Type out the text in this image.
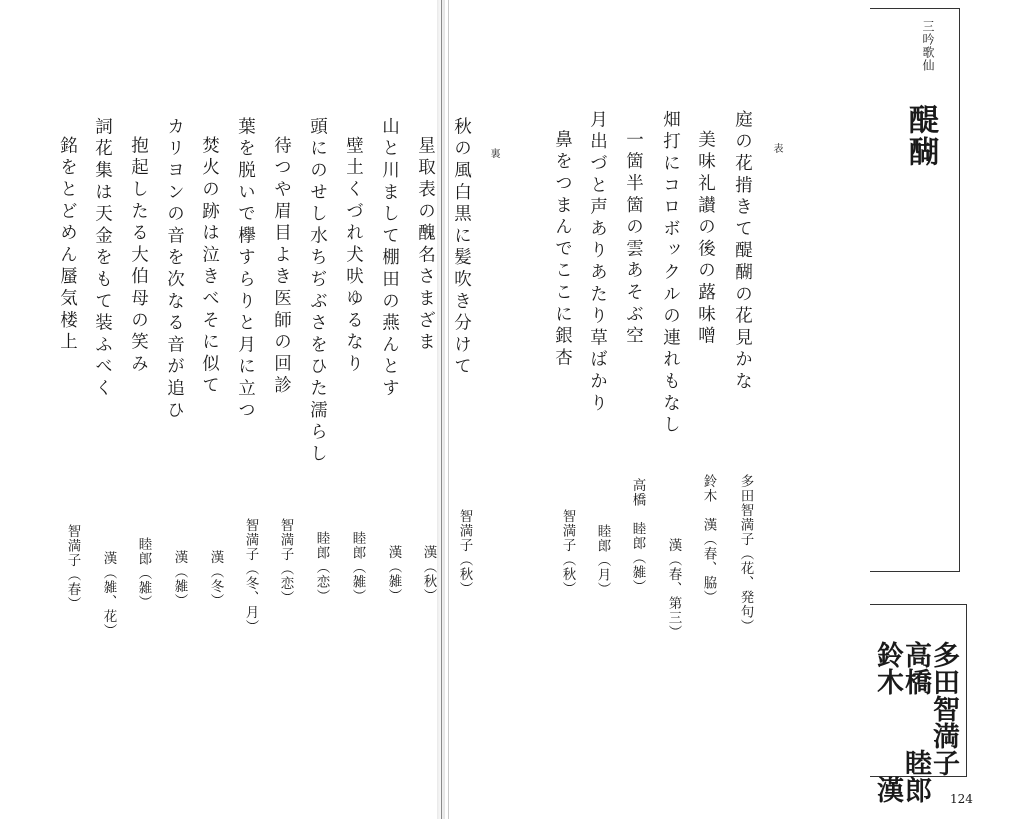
三吟歌仙
醍醐
多田智満子
高橋　　睦郎
鈴木　　　漢
表
庭の花掯きて醍醐の花見かな
美味礼讃の後の蕗味噌
畑打にコロボックルの連れもなし
一箇半箇の雲あそぶ空
月出づと声ありあたり草ばかり
鼻をつまんでここに銀杏
多田智満子（花、発句）
鈴木　漢（春、脇）
漢（春、第三）
高橋　睦郎（雑）
睦郎（月）
智満子（秋）
裏
秋の風白黒に髪吹き分けて
星取表の醜名さまざま
山と川まして棚田の燕んとす
壁土くづれ犬吠ゆるなり
頭にのせし水ちぢぶさをひた濡らし
待つや眉目よき医師の回診
葉を脱いで欅すらりと月に立つ
焚火の跡は泣きべそに似て
カリヨンの音を次なる音が追ひ
抱起したる大伯母の笑み
詞花集は天金をもて装ふべく
銘をとどめん蜃気楼上
智満子（秋）
漢（秋）
漢（雑）
睦郎（雑）
睦郎（恋）
智満子（恋）
智満子（冬、月）
漢（冬）
漢（雑）
睦郎（雑）
漢（雑、花）
智満子（春）
124
